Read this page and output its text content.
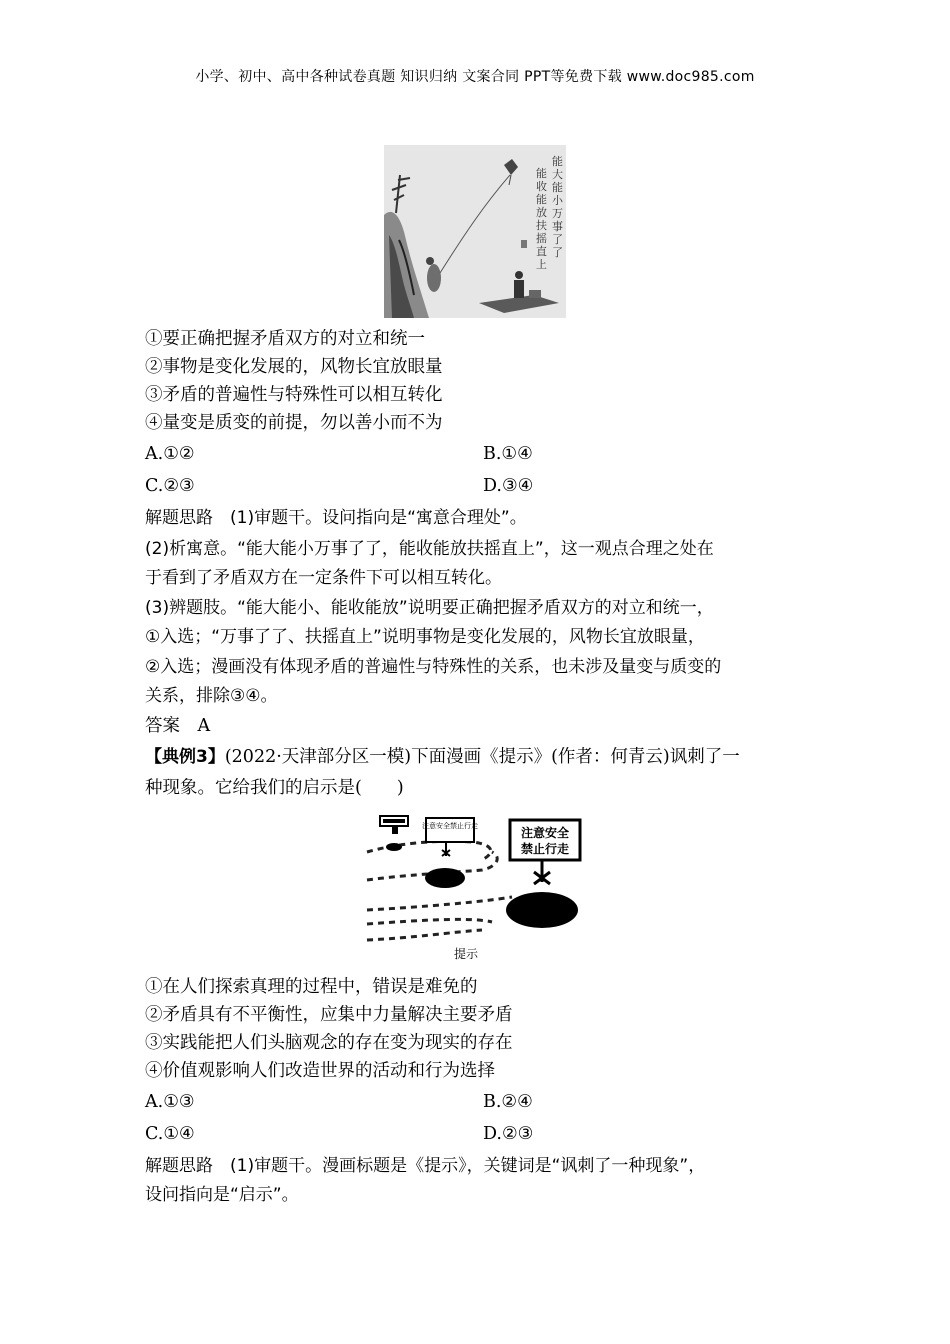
小学、初中、高中各种试卷真题 知识归纳 文案合同 PPT等免费下载 www.doc985.com
能大能小万事了了
能收能放扶摇直上
①要正确把握矛盾双方的对立和统一
②事物是变化发展的，风物长宜放眼量
③矛盾的普遍性与特殊性可以相互转化
④量变是质变的前提，勿以善小而不为
A.①②	B.①④
C.②③	D.③④
解题思路　(1)审题干。设问指向是“寓意合理处”。
(2)析寓意。“能大能小万事了了，能收能放扶摇直上”，这一观点合理之处在
于看到了矛盾双方在一定条件下可以相互转化。
(3)辨题肢。“能大能小、能收能放”说明要正确把握矛盾双方的对立和统一，
①入选；“万事了了、扶摇直上”说明事物是变化发展的，风物长宜放眼量，
②入选；漫画没有体现矛盾的普遍性与特殊性的关系，也未涉及量变与质变的
关系，排除③④。
答案　A
【典例3】(2022·天津部分区一模)下面漫画《提示》(作者：何青云)讽刺了一
种现象。它给我们的启示是(　　)
注意安全禁止行走	注意安全
禁止行走
提示
①在人们探索真理的过程中，错误是难免的
②矛盾具有不平衡性，应集中力量解决主要矛盾
③实践能把人们头脑观念的存在变为现实的存在
④价值观影响人们改造世界的活动和行为选择
A.①③	B.②④
C.①④	D.②③
解题思路　(1)审题干。漫画标题是《提示》，关键词是“讽刺了一种现象”，
设问指向是“启示”。
